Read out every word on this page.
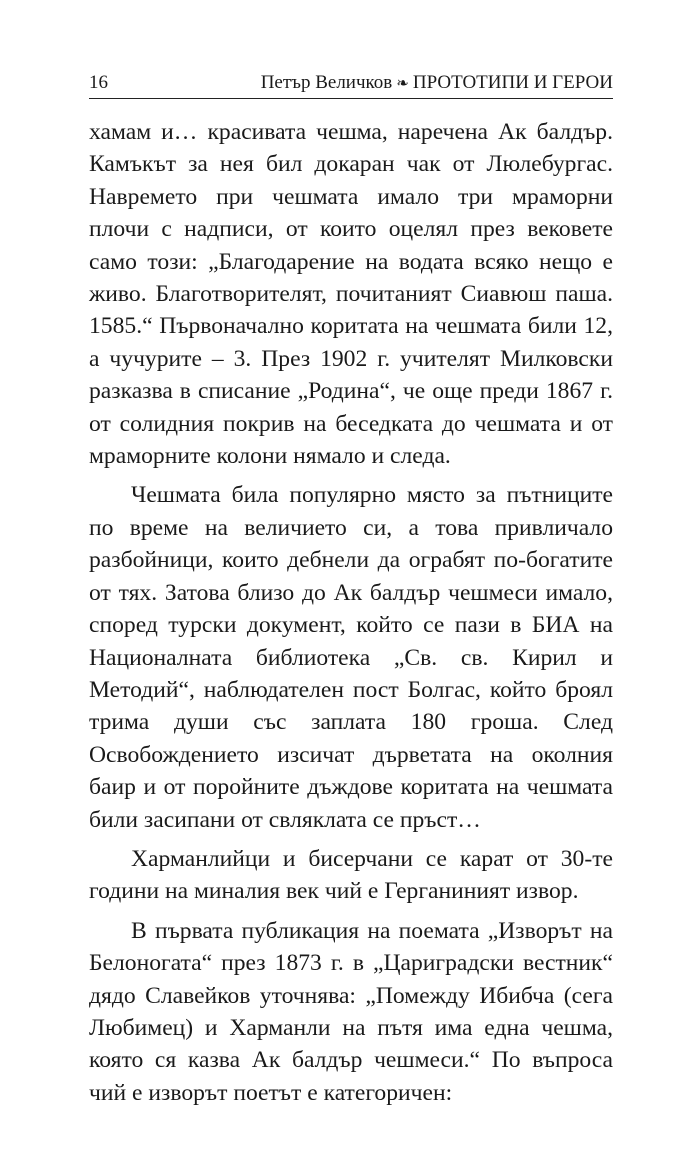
16	Петър Величков ❧ ПРОТОТИПИ И ГЕРОИ

хамам и… красивата чешма, наречена Ак балдър. Камъкът за нея бил докаран чак от Люлебургас. Навремето при чешмата имало три мраморни плочи с надписи, от които оцелял през вековете само този: „Благодарение на водата всяко нещо е живо. Благотворителят, почитаният Сиавюш паша. 1585.“ Първоначално коритата на чешмата били 12, а чучурите – 3. През 1902 г. учителят Милковски разказва в списание „Родина“, че още преди 1867 г. от солидния покрив на беседката до чешмата и от мраморните колони нямало и следа.

Чешмата била популярно място за пътниците по време на величието си, а това привличало разбойници, които дебнели да ограбят по-богатите от тях. Затова близо до Ак балдър чешмеси имало, според турски документ, който се пази в БИА на Националната библиотека „Св. св. Кирил и Методий“, наблюдателен пост Болгас, който броял трима души със заплата 180 гроша. След Освобождението изсичат дърветата на околния баир и от поройните дъждове коритата на чешмата били засипани от свляклата се пръст…

Харманлийци и бисерчани се карат от 30-те години на миналия век чий е Герганиният извор.

В първата публикация на поемата „Изворът на Белоногата“ през 1873 г. в „Цариградски вестник“ дядо Славейков уточнява: „Помежду Ибибча (сега Любимец) и Харманли на пътя има една чешма, която ся казва Ак балдър чешмеси.“ По въпроса чий е изворът поетът е категоричен:
